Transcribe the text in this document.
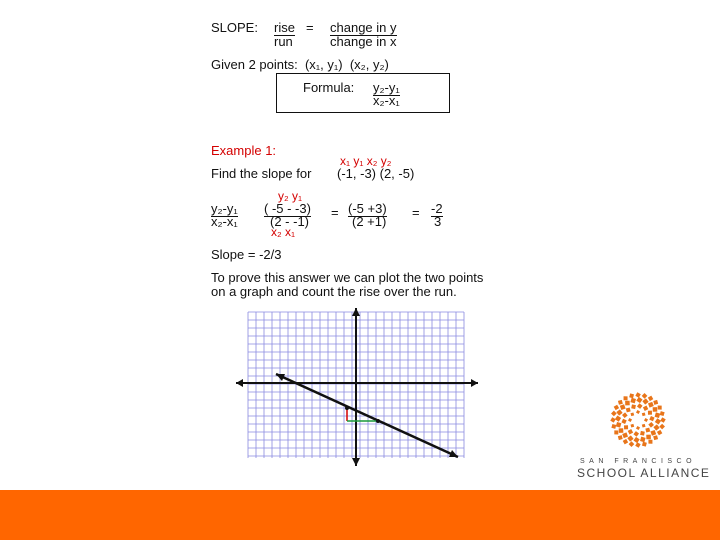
SLOPE: rise
run
= change in y
change in x
Given 2 points: (x₁, y₁) (x₂, y₂)
Formula: y₂-y₁
x₂-x₁
Example 1:
x₁ y₁ x₂ y₂
Find the slope for (-1, -3) (2, -5)
y₂ y₁
y₂-y₁
x₂-x₁
( -5 - -3)
(2 - -1)
= (-5 +3)
(2 +1)
= -2
3
x₂ x₁
Slope = -2/3
To prove this answer we can plot the two points
on a graph and count the rise over the run.
SAN FRANCISCO
SCHOOL ALLIANCE
